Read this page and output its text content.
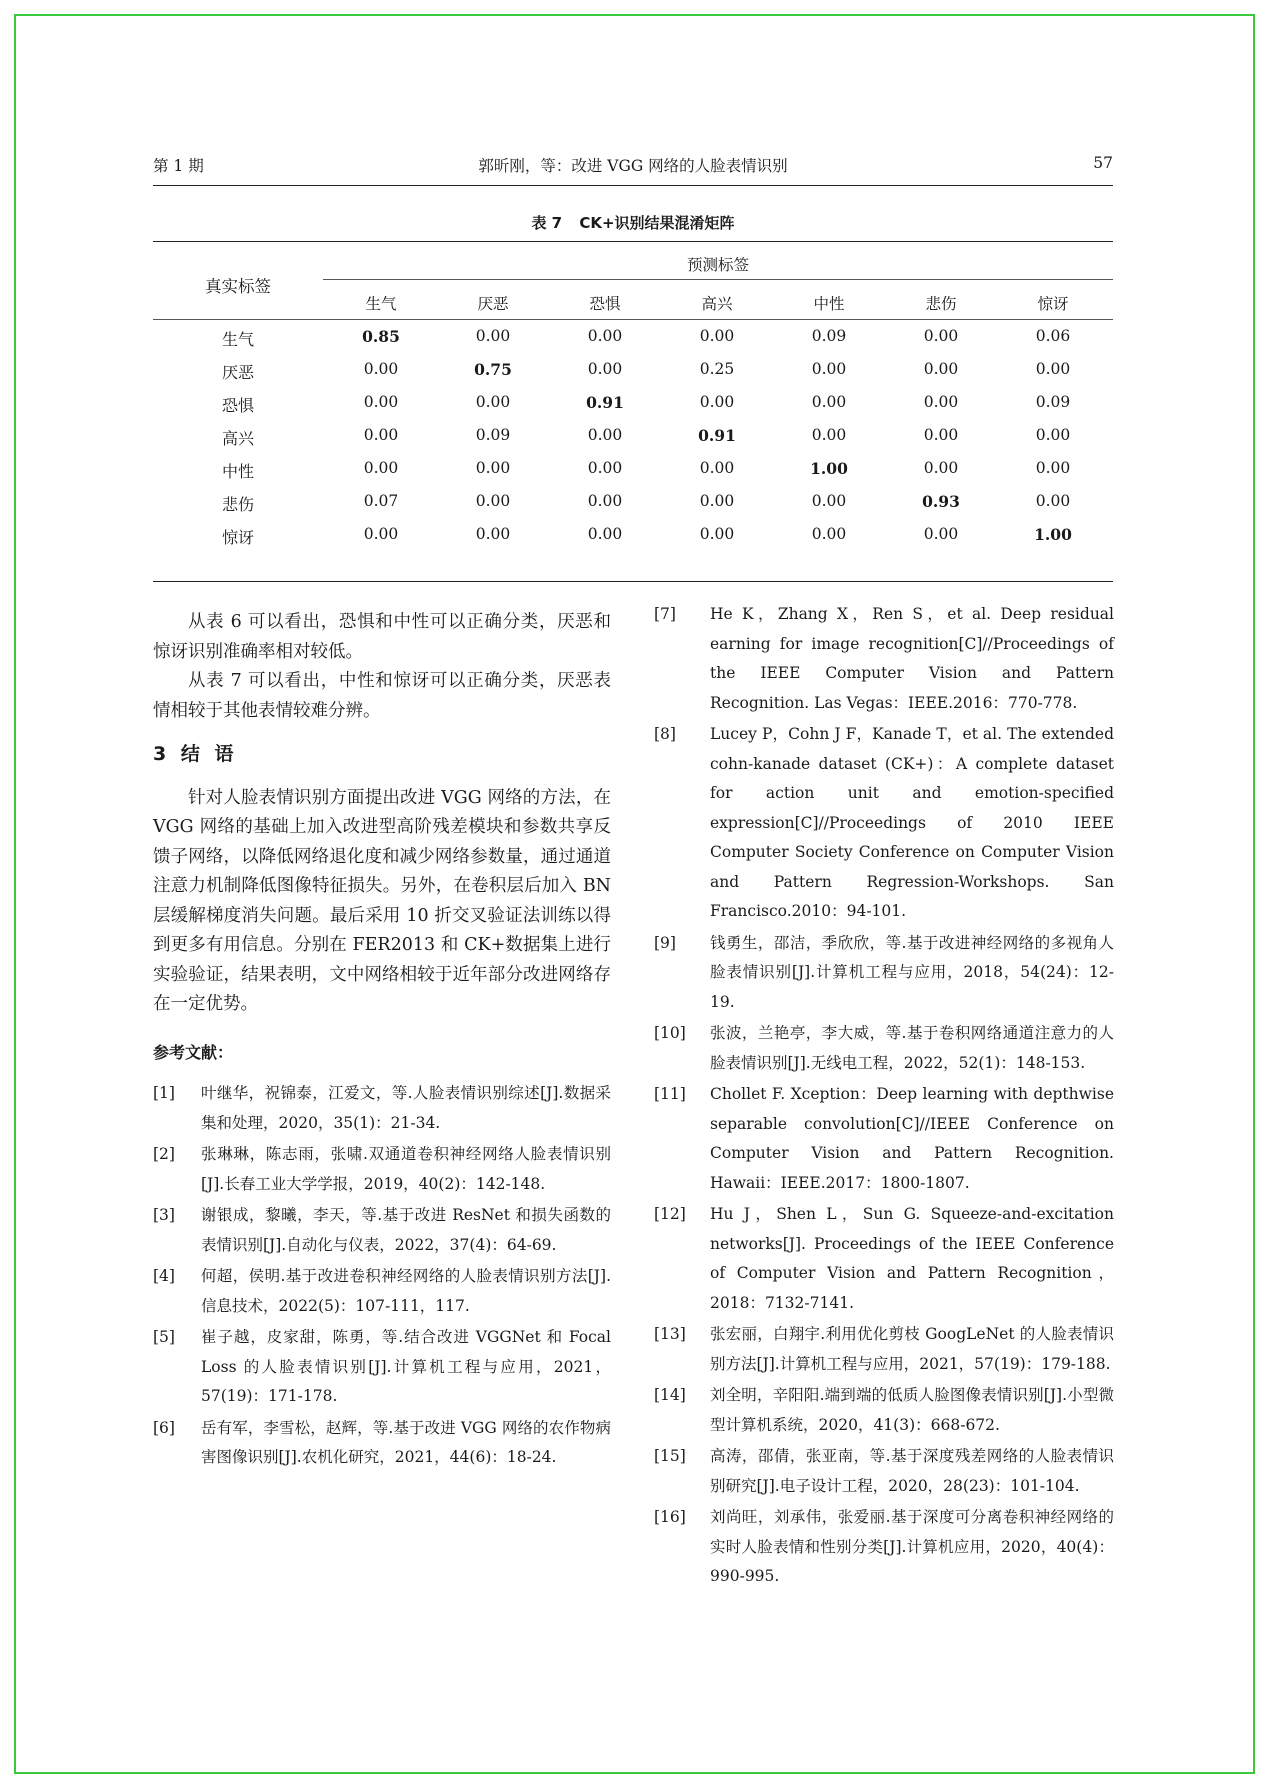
第 1 期	郭昕刚，等：改进 VGG 网络的人脸表情识别	57
表 7 CK+识别结果混淆矩阵
真实标签
预测标签
生气	厌恶	恐惧	高兴	中性	悲伤	惊讶
生气	0.85	0.00	0.00	0.00	0.09	0.00	0.06
厌恶	0.00	0.75	0.00	0.25	0.00	0.00	0.00
恐惧	0.00	0.00	0.91	0.00	0.00	0.00	0.09
高兴	0.00	0.09	0.00	0.91	0.00	0.00	0.00
中性	0.00	0.00	0.00	0.00	1.00	0.00	0.00
悲伤	0.07	0.00	0.00	0.00	0.00	0.93	0.00
惊讶	0.00	0.00	0.00	0.00	0.00	0.00	1.00

从表 6 可以看出，恐惧和中性可以正确分类，厌恶和惊讶识别准确率相对较低。

从表 7 可以看出，中性和惊讶可以正确分类，厌恶表情相较于其他表情较难分辨。

3 结 语

针对人脸表情识别方面提出改进 VGG 网络的方法，在 VGG 网络的基础上加入改进型高阶残差模块和参数共享反馈子网络，以降低网络退化度和减少网络参数量，通过通道注意力机制降低图像特征损失。另外，在卷积层后加入 BN 层缓解梯度消失问题。最后采用 10 折交叉验证法训练以得到更多有用信息。分别在 FER2013 和 CK+数据集上进行实验验证，结果表明，文中网络相较于近年部分改进网络存在一定优势。

参考文献：
[1]	叶继华，祝锦泰，江爱文，等.人脸表情识别综述[J].数据采集和处理，2020，35(1)：21-34.
[2]	张琳琳，陈志雨，张啸.双通道卷积神经网络人脸表情识别[J].长春工业大学学报，2019，40(2)：142-148.
[3]	谢银成，黎曦，李天，等.基于改进 ResNet 和损失函数的表情识别[J].自动化与仪表，2022，37(4)：64-69.
[4]	何超，侯明.基于改进卷积神经网络的人脸表情识别方法[J].信息技术，2022(5)：107-111，117.
[5]	崔子越，皮家甜，陈勇，等.结合改进 VGGNet 和 Focal Loss 的人脸表情识别[J].计算机工程与应用，2021，57(19)：171-178.
[6]	岳有军，李雪松，赵辉，等.基于改进 VGG 网络的农作物病害图像识别[J].农机化研究，2021，44(6)：18-24.
[7]	He K，Zhang X，Ren S，et al. Deep residual earning for image recognition[C]//Proceedings of the IEEE Computer Vision and Pattern Recognition. Las Vegas：IEEE.2016：770-778.
[8]	Lucey P，Cohn J F，Kanade T，et al. The extended cohn-kanade dataset (CK+)：A complete dataset for action unit and emotion-specified expression[C]//Proceedings of 2010 IEEE Computer Society Conference on Computer Vision and Pattern Regression-Workshops. San Francisco.2010：94-101.
[9]	钱勇生，邵洁，季欣欣，等.基于改进神经网络的多视角人脸表情识别[J].计算机工程与应用，2018，54(24)：12-19.
[10]	张波，兰艳亭，李大威，等.基于卷积网络通道注意力的人脸表情识别[J].无线电工程，2022，52(1)：148-153.
[11]	Chollet F. Xception：Deep learning with depthwise separable convolution[C]//IEEE Conference on Computer Vision and Pattern Recognition. Hawaii：IEEE.2017：1800-1807.
[12]	Hu J，Shen L，Sun G. Squeeze-and-excitation networks[J]. Proceedings of the IEEE Conference of Computer Vision and Pattern Recognition，2018：7132-7141.
[13]	张宏丽，白翔宇.利用优化剪枝 GoogLeNet 的人脸表情识别方法[J].计算机工程与应用，2021，57(19)：179-188.
[14]	刘全明，辛阳阳.端到端的低质人脸图像表情识别[J].小型微型计算机系统，2020，41(3)：668-672.
[15]	高涛，邵倩，张亚南，等.基于深度残差网络的人脸表情识别研究[J].电子设计工程，2020，28(23)：101-104.
[16]	刘尚旺，刘承伟，张爱丽.基于深度可分离卷积神经网络的实时人脸表情和性别分类[J].计算机应用，2020，40(4)：990-995.
